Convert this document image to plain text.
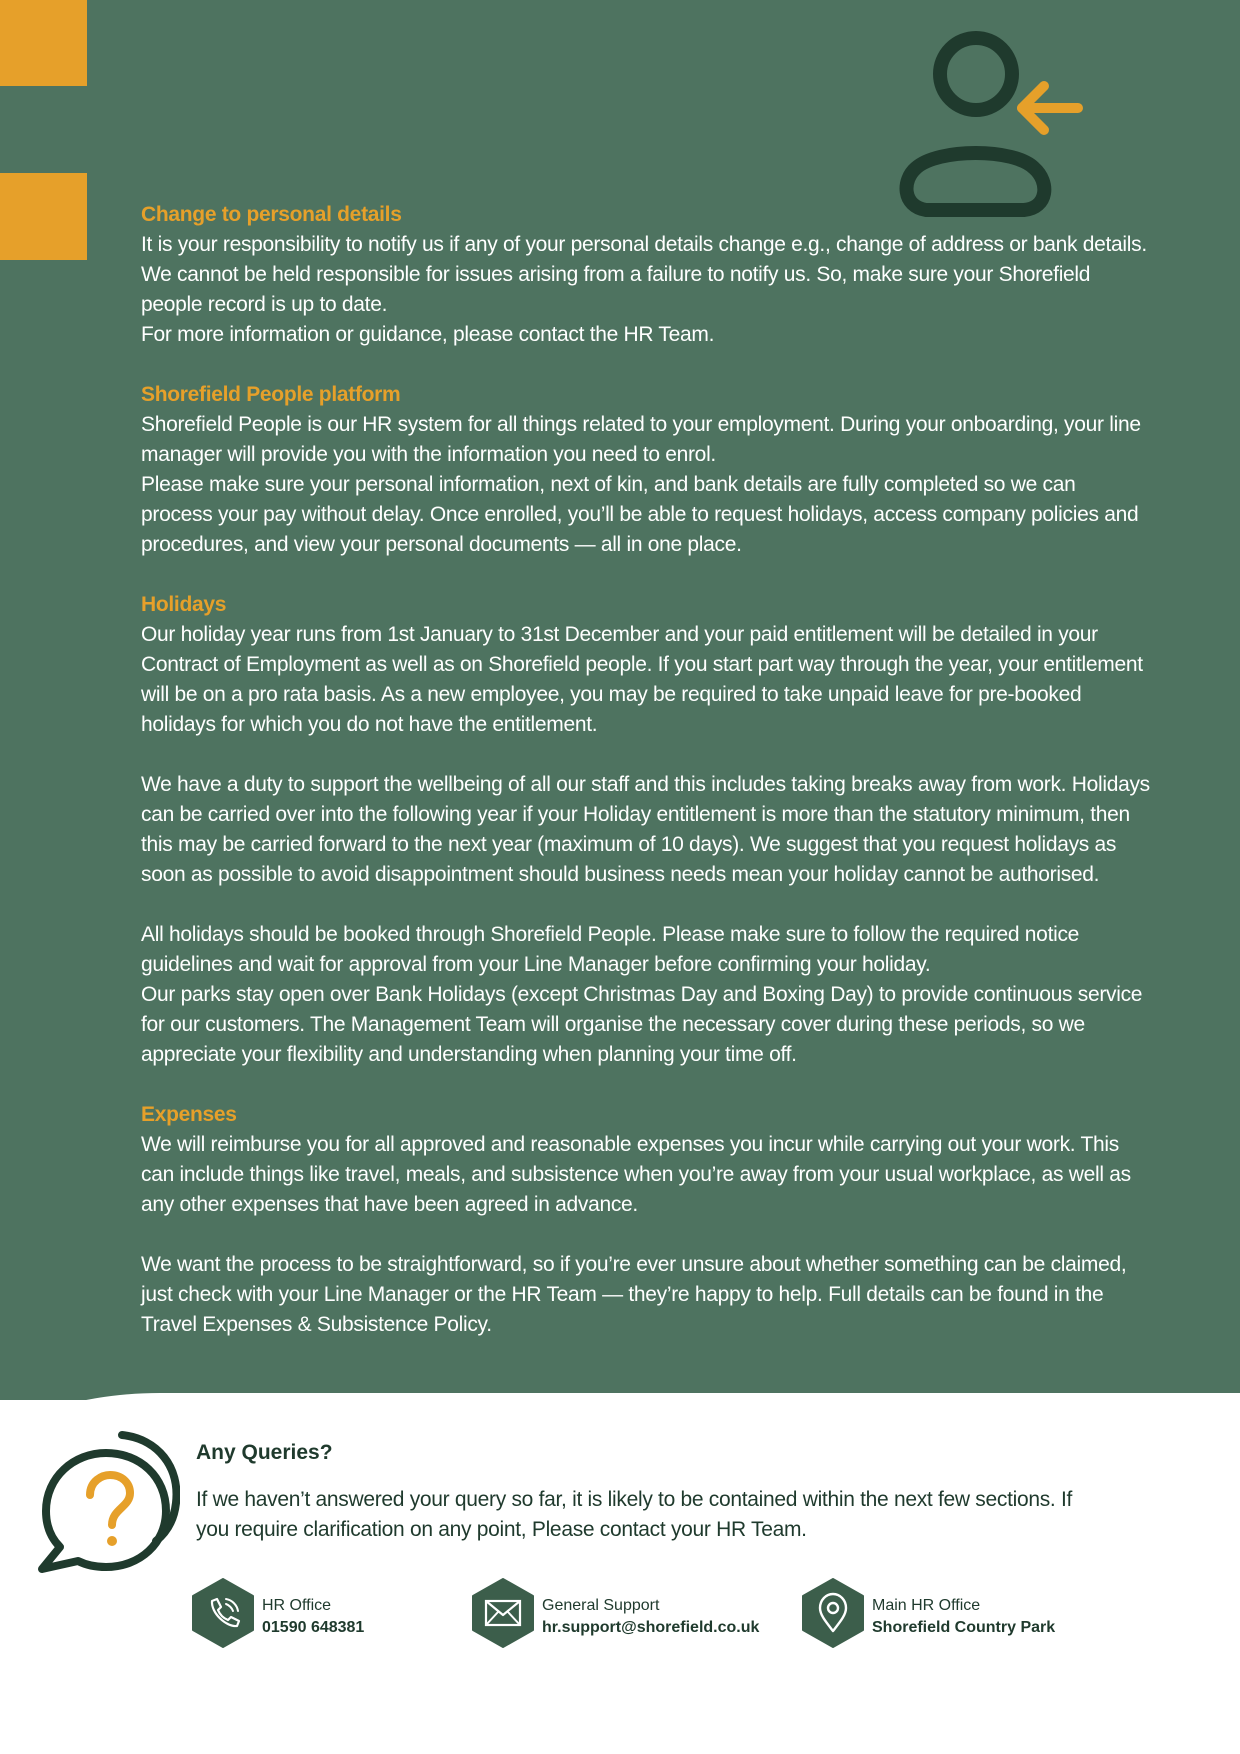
Change to personal details

It is your responsibility to notify us if any of your personal details change e.g., change of address or bank details. We cannot be held responsible for issues arising from a failure to notify us. So, make sure your Shorefield people record is up to date.

For more information or guidance, please contact the HR Team.

Shorefield People platform

Shorefield People is our HR system for all things related to your employment. During your onboarding, your line manager will provide you with the information you need to enrol.

Please make sure your personal information, next of kin, and bank details are fully completed so we can process your pay without delay. Once enrolled, you’ll be able to request holidays, access company policies and procedures, and view your personal documents — all in one place.

Holidays

Our holiday year runs from 1st January to 31st December and your paid entitlement will be detailed in your Contract of Employment as well as on Shorefield people. If you start part way through the year, your entitlement will be on a pro rata basis. As a new employee, you may be required to take unpaid leave for pre-booked holidays for which you do not have the entitlement.

We have a duty to support the wellbeing of all our staff and this includes taking breaks away from work. Holidays can be carried over into the following year if your Holiday entitlement is more than the statutory minimum, then this may be carried forward to the next year (maximum of 10 days). We suggest that you request holidays as soon as possible to avoid disappointment should business needs mean your holiday cannot be authorised.

All holidays should be booked through Shorefield People. Please make sure to follow the required notice guidelines and wait for approval from your Line Manager before confirming your holiday.

Our parks stay open over Bank Holidays (except Christmas Day and Boxing Day) to provide continuous service for our customers. The Management Team will organise the necessary cover during these periods, so we appreciate your flexibility and understanding when planning your time off.

Expenses

We will reimburse you for all approved and reasonable expenses you incur while carrying out your work. This can include things like travel, meals, and subsistence when you’re away from your usual workplace, as well as any other expenses that have been agreed in advance.

We want the process to be straightforward, so if you’re ever unsure about whether something can be claimed, just check with your Line Manager or the HR Team — they’re happy to help. Full details can be found in the Travel Expenses & Subsistence Policy.

Any Queries?
If we haven’t answered your query so far, it is likely to be contained within the next few sections. If you require clarification on any point, Please contact your HR Team.
HR Office
01590 648381
General Support
hr.support@shorefield.co.uk
Main HR Office
Shorefield Country Park
